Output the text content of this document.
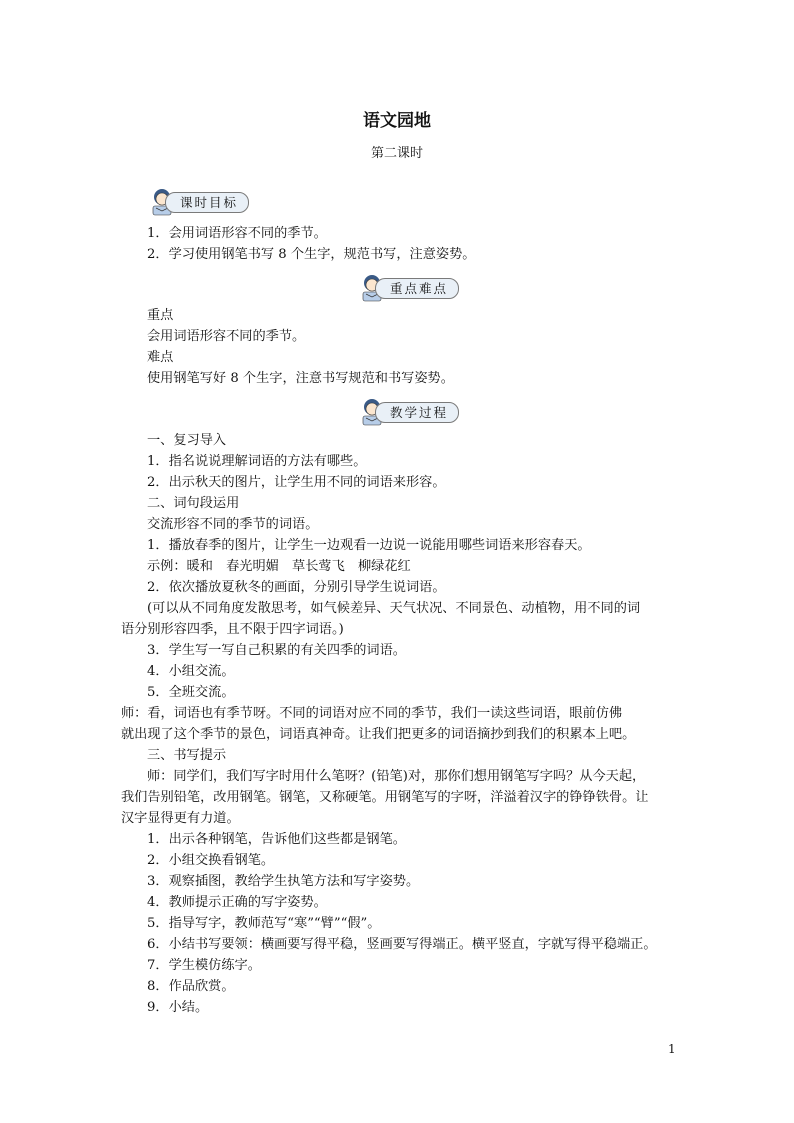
语文园地
第二课时
课时目标
1．会用词语形容不同的季节。
2．学习使用钢笔书写 8 个生字，规范书写，注意姿势。
重点难点
重点
会用词语形容不同的季节。
难点
使用钢笔写好 8 个生字，注意书写规范和书写姿势。
教学过程
一、复习导入
1．指名说说理解词语的方法有哪些。
2．出示秋天的图片，让学生用不同的词语来形容。
二、词句段运用
交流形容不同的季节的词语。
1．播放春季的图片，让学生一边观看一边说一说能用哪些词语来形容春天。
示例：暖和　春光明媚　草长莺飞　柳绿花红
2．依次播放夏秋冬的画面，分别引导学生说词语。
(可以从不同角度发散思考，如气候差异、天气状况、不同景色、动植物，用不同的词
语分别形容四季，且不限于四字词语。)
3．学生写一写自己积累的有关四季的词语。
4．小组交流。
5．全班交流。
师：看，词语也有季节呀。不同的词语对应不同的季节，我们一读这些词语，眼前仿佛
就出现了这个季节的景色，词语真神奇。让我们把更多的词语摘抄到我们的积累本上吧。
三、书写提示
师：同学们，我们写字时用什么笔呀？(铅笔)对，那你们想用钢笔写字吗？从今天起，
我们告别铅笔，改用钢笔。钢笔，又称硬笔。用钢笔写的字呀，洋溢着汉字的铮铮铁骨。让
汉字显得更有力道。
1．出示各种钢笔，告诉他们这些都是钢笔。
2．小组交换看钢笔。
3．观察插图，教给学生执笔方法和写字姿势。
4．教师提示正确的写字姿势。
5．指导写字，教师范写“寒”“臂”“假”。
6．小结书写要领：横画要写得平稳，竖画要写得端正。横平竖直，字就写得平稳端正。
7．学生模仿练字。
8．作品欣赏。
9．小结。
1
